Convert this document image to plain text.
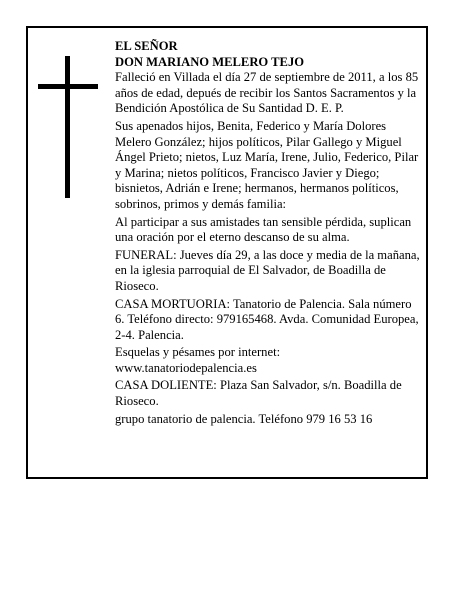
EL SEÑOR

DON MARIANO MELERO TEJO

Falleció en Villada el día 27 de septiembre de 2011, a los 85 años de edad, depués de recibir los Santos Sacramentos y la Bendición Apostólica de Su Santidad D. E. P.

Sus apenados hijos, Benita, Federico y María Dolores Melero González; hijos políticos, Pilar Gallego y Miguel Ángel Prieto; nietos, Luz María, Irene, Julio, Federico, Pilar y Marina; nietos políticos, Francisco Javier y Diego; bisnietos, Adrián e Irene; hermanos, hermanos políticos, sobrinos, primos y demás familia:

Al participar a sus amistades tan sensible pérdida, suplican una oración por el eterno descanso de su alma.

FUNERAL: Jueves día 29, a las doce y media de la mañana, en la iglesia parroquial de El Salvador, de Boadilla de Rioseco.

CASA MORTUORIA: Tanatorio de Palencia. Sala número 6. Teléfono directo: 979165468. Avda. Comunidad Europea, 2-4. Palencia.

Esquelas y pésames por internet: www.tanatoriodepalencia.es

CASA DOLIENTE: Plaza San Salvador, s/n. Boadilla de Rioseco.

grupo tanatorio de palencia. Teléfono 979 16 53 16
